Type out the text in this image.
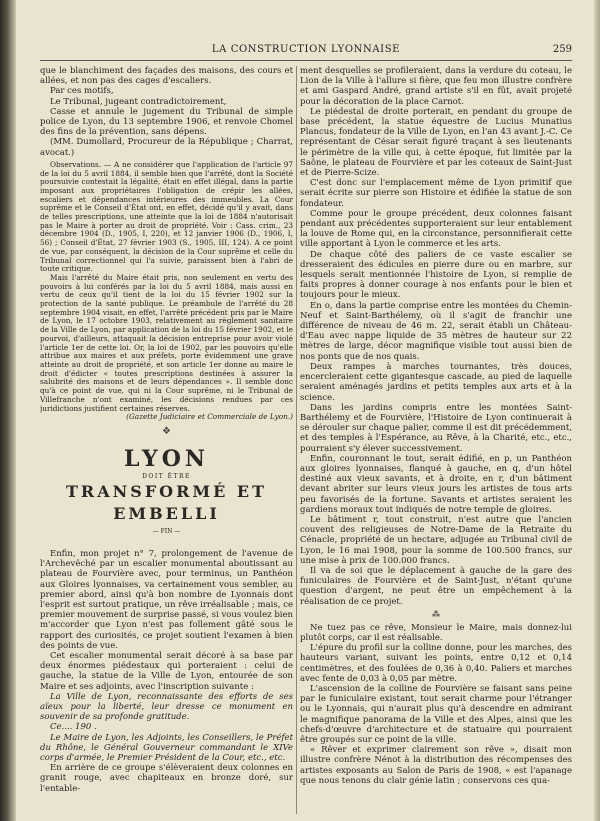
LA CONSTRUCTION LYONNAISE	259

que le blanchiment des façades des maisons, des cours et allées, et non pas des cages d'escaliers.

Par ces motifs,

Le Tribunal, jugeant contradictoirement,

Casse et annule le jugement du Tribunal de simple police de Lyon, du 13 septembre 1906, et renvoie Chomel des fins de la prévention, sans dépens.

(MM. Dumollard, Procureur de la République ; Charrat, avocat.)

Observations. — A ne considérer que l'application de l'article 97 de la loi du 5 avril 1884, il semble bien que l'arrêté, dont la Société poursuivie contestait la légalité, était en effet illégal, dans la partie imposant aux propriétaires l'obligation de crépir les allées, escaliers et dépendances intérieures des immeubles. La Cour suprême et le Conseil d'État ont, en effet, décidé qu'il y avait, dans de telles prescriptions, une atteinte que la loi de 1884 n'autorisait pas le Maire à porter au droit de propriété. Voir : Cass. crim., 23 décembre 1904 (D., 1905, I, 220), et 12 janvier 1906 (D., 1906, I, 56) ; Conseil d'État, 27 février 1903 (S., 1905, III, 124). A ce point de vue, par conséquent, la décision de la Cour suprême et celle du Tribunal correctionnel qui l'a suivie, paraissent bien à l'abri de toute critique.

Mais l'arrêté du Maire était pris, non seulement en vertu des pouvoirs à lui conférés par la loi du 5 avril 1884, mais aussi en vertu de ceux qu'il tient de la loi du 15 février 1902 sur la protection de la santé publique. Le préambule de l'arrêté du 28 septembre 1904 visait, en effet, l'arrêté précédent pris par le Maire de Lyon, le 17 octobre 1903, relativement au règlement sanitaire de la Ville de Lyon, par application de la loi du 15 février 1902, et le pourvoi, d'ailleurs, attaquait la décision entreprise pour avoir violé l'article 1er de cette loi. Or, la loi de 1902, par les pouvoirs qu'elle attribue aux maires et aux préfets, porte évidemment une grave atteinte au droit de propriété, et son article 1er donne au maire le droit d'édicter « toutes prescriptions destinées à assurer la salubrité des maisons et de leurs dépendances ». Il semble donc qu'à ce point de vue, qui ni la Cour suprême, ni le Tribunal de Villefranche n'ont examiné, les décisions rendues par ces juridictions justifient certaines réserves.

(Gazette Judiciaire et Commerciale de Lyon.)

❖
LYON
DOIT ÊTRE
TRANSFORMÉ ET EMBELLI
— FIN —

Enfin, mon projet n° 7, prolongement de l'avenue de l'Archevêché par un escalier monumental aboutissant au plateau de Fourvière avec, pour terminus, un Panthéon aux Gloires lyonnaises, va certainement vous sembler, au premier abord, ainsi qu'à bon nombre de Lyonnais dont l'esprit est surtout pratique, un rêve irréalisable ; mais, ce premier mouvement de surprise passé, si vous voulez bien m'accorder que Lyon n'est pas follement gâté sous le rapport des curiosités, ce projet soutient l'examen à bien des points de vue.

Cet escalier monumental serait décoré à sa base par deux énormes piédestaux qui porteraient : celui de gauche, la statue de la Ville de Lyon, entourée de son Maire et ses adjoints, avec l'inscription suivante :

La Ville de Lyon, reconnaissante des efforts de ses aïeux pour la liberté, leur dresse ce monument en souvenir de sa profonde gratitude.

Ce.... 190 .

Le Maire de Lyon, les Adjoints, les Conseillers, le Préfet du Rhône, le Général Gouverneur commandant le XIVe corps d'armée, le Premier Président de la Cour, etc., etc.

En arrière de ce groupe s'élèveraient deux colonnes en granit rouge, avec chapiteaux en bronze doré, sur l'entable-

ment desquelles se profileraient, dans la verdure du coteau, le Lion de la Ville à l'allure si fière, que feu mon illustre confrère et ami Gaspard André, grand artiste s'il en fût, avait projeté pour la décoration de la place Carnot.

Le piédestal de droite porterait, en pendant du groupe de base précédent, la statue équestre de Lucius Munatius Plancus, fondateur de la Ville de Lyon, en l'an 43 avant J.-C. Ce représentant de César serait figuré traçant à ses lieutenants le périmètre de la ville qui, à cette époque, fut limitée par la Saône, le plateau de Fourvière et par les coteaux de Saint-Just et de Pierre-Scize.

C'est donc sur l'emplacement même de Lyon primitif que serait écrite sur pierre son Histoire et édifiée la statue de son fondateur.

Comme pour le groupe précédent, deux colonnes faisant pendant aux précédentes supporteraient sur leur entablement la louve de Rome qui, en la circonstance, personnifierait cette ville apportant à Lyon le commerce et les arts.

De chaque côté des paliers de ce vaste escalier se dresseraient des édicules en pierre dure ou en marbre, sur lesquels serait mentionnée l'histoire de Lyon, si remplie de faits propres à donner courage à nos enfants pour le bien et toujours pour le mieux.

En o, dans la partie comprise entre les montées du Chemin-Neuf et Saint-Barthélemy, où il s'agit de franchir une différence de niveau de 46 m. 22, serait établi un Château-d'Eau avec nappe liquide de 35 mètres de hauteur sur 22 mètres de large, décor magnifique visible tout aussi bien de nos ponts que de nos quais.

Deux rampes à marches tournantes, très douces, encercleraient cette gigantesque cascade, au pied de laquelle seraient aménagés jardins et petits temples aux arts et à la science.

Dans les jardins compris entre les montées Saint-Barthélemy et de Fourvière, l'Histoire de Lyon continuerait à se dérouler sur chaque palier, comme il est dit précédemment, et des temples à l'Espérance, au Rêve, à la Charité, etc., etc., pourraient s'y élever successivement.

Enfin, couronnant le tout, serait édifié, en p, un Panthéon aux gloires lyonnaises, flanqué à gauche, en q, d'un hôtel destiné aux vieux savants, et à droite, en r, d'un bâtiment devant abriter sur leurs vieux jours les artistes de tous arts peu favorisés de la fortune. Savants et artistes seraient les gardiens moraux tout indiqués de notre temple de gloires.

Le bâtiment r, tout construit, n'est autre que l'ancien couvent des religieuses de Notre-Dame de la Retraite du Cénacle, propriété de un hectare, adjugée au Tribunal civil de Lyon, le 16 mai 1908, pour la somme de 100.500 francs, sur une mise à prix de 100.000 francs.

Il va de soi que le déplacement à gauche de la gare des funiculaires de Fourvière et de Saint-Just, n'étant qu'une question d'argent, ne peut être un empêchement à la réalisation de ce projet.

⁂

Ne tuez pas ce rêve, Monsieur le Maire, mais donnez-lui plutôt corps, car il est réalisable.

L'épure du profil sur la colline donne, pour les marches, des hauteurs variant, suivant les points, entre 0,12 et 0,14 centimètres, et des foulées de 0,36 à 0,40. Paliers et marches avec fente de 0,03 à 0,05 par mètre.

L'ascension de la colline de Fourvière se faisant sans peine par le funiculaire existant, tout serait charme pour l'étranger ou le Lyonnais, qui n'aurait plus qu'à descendre en admirant le magnifique panorama de la Ville et des Alpes, ainsi que les chefs-d'œuvre d'architecture et de statuaire qui pourraient être groupés sur ce point de la ville.

« Rêver et exprimer clairement son rêve », disait mon illustre confrère Nénot à la distribution des récompenses des artistes exposants au Salon de Paris de 1908, « est l'apanage que nous tenons du clair génie latin ; conservons ces qua-
